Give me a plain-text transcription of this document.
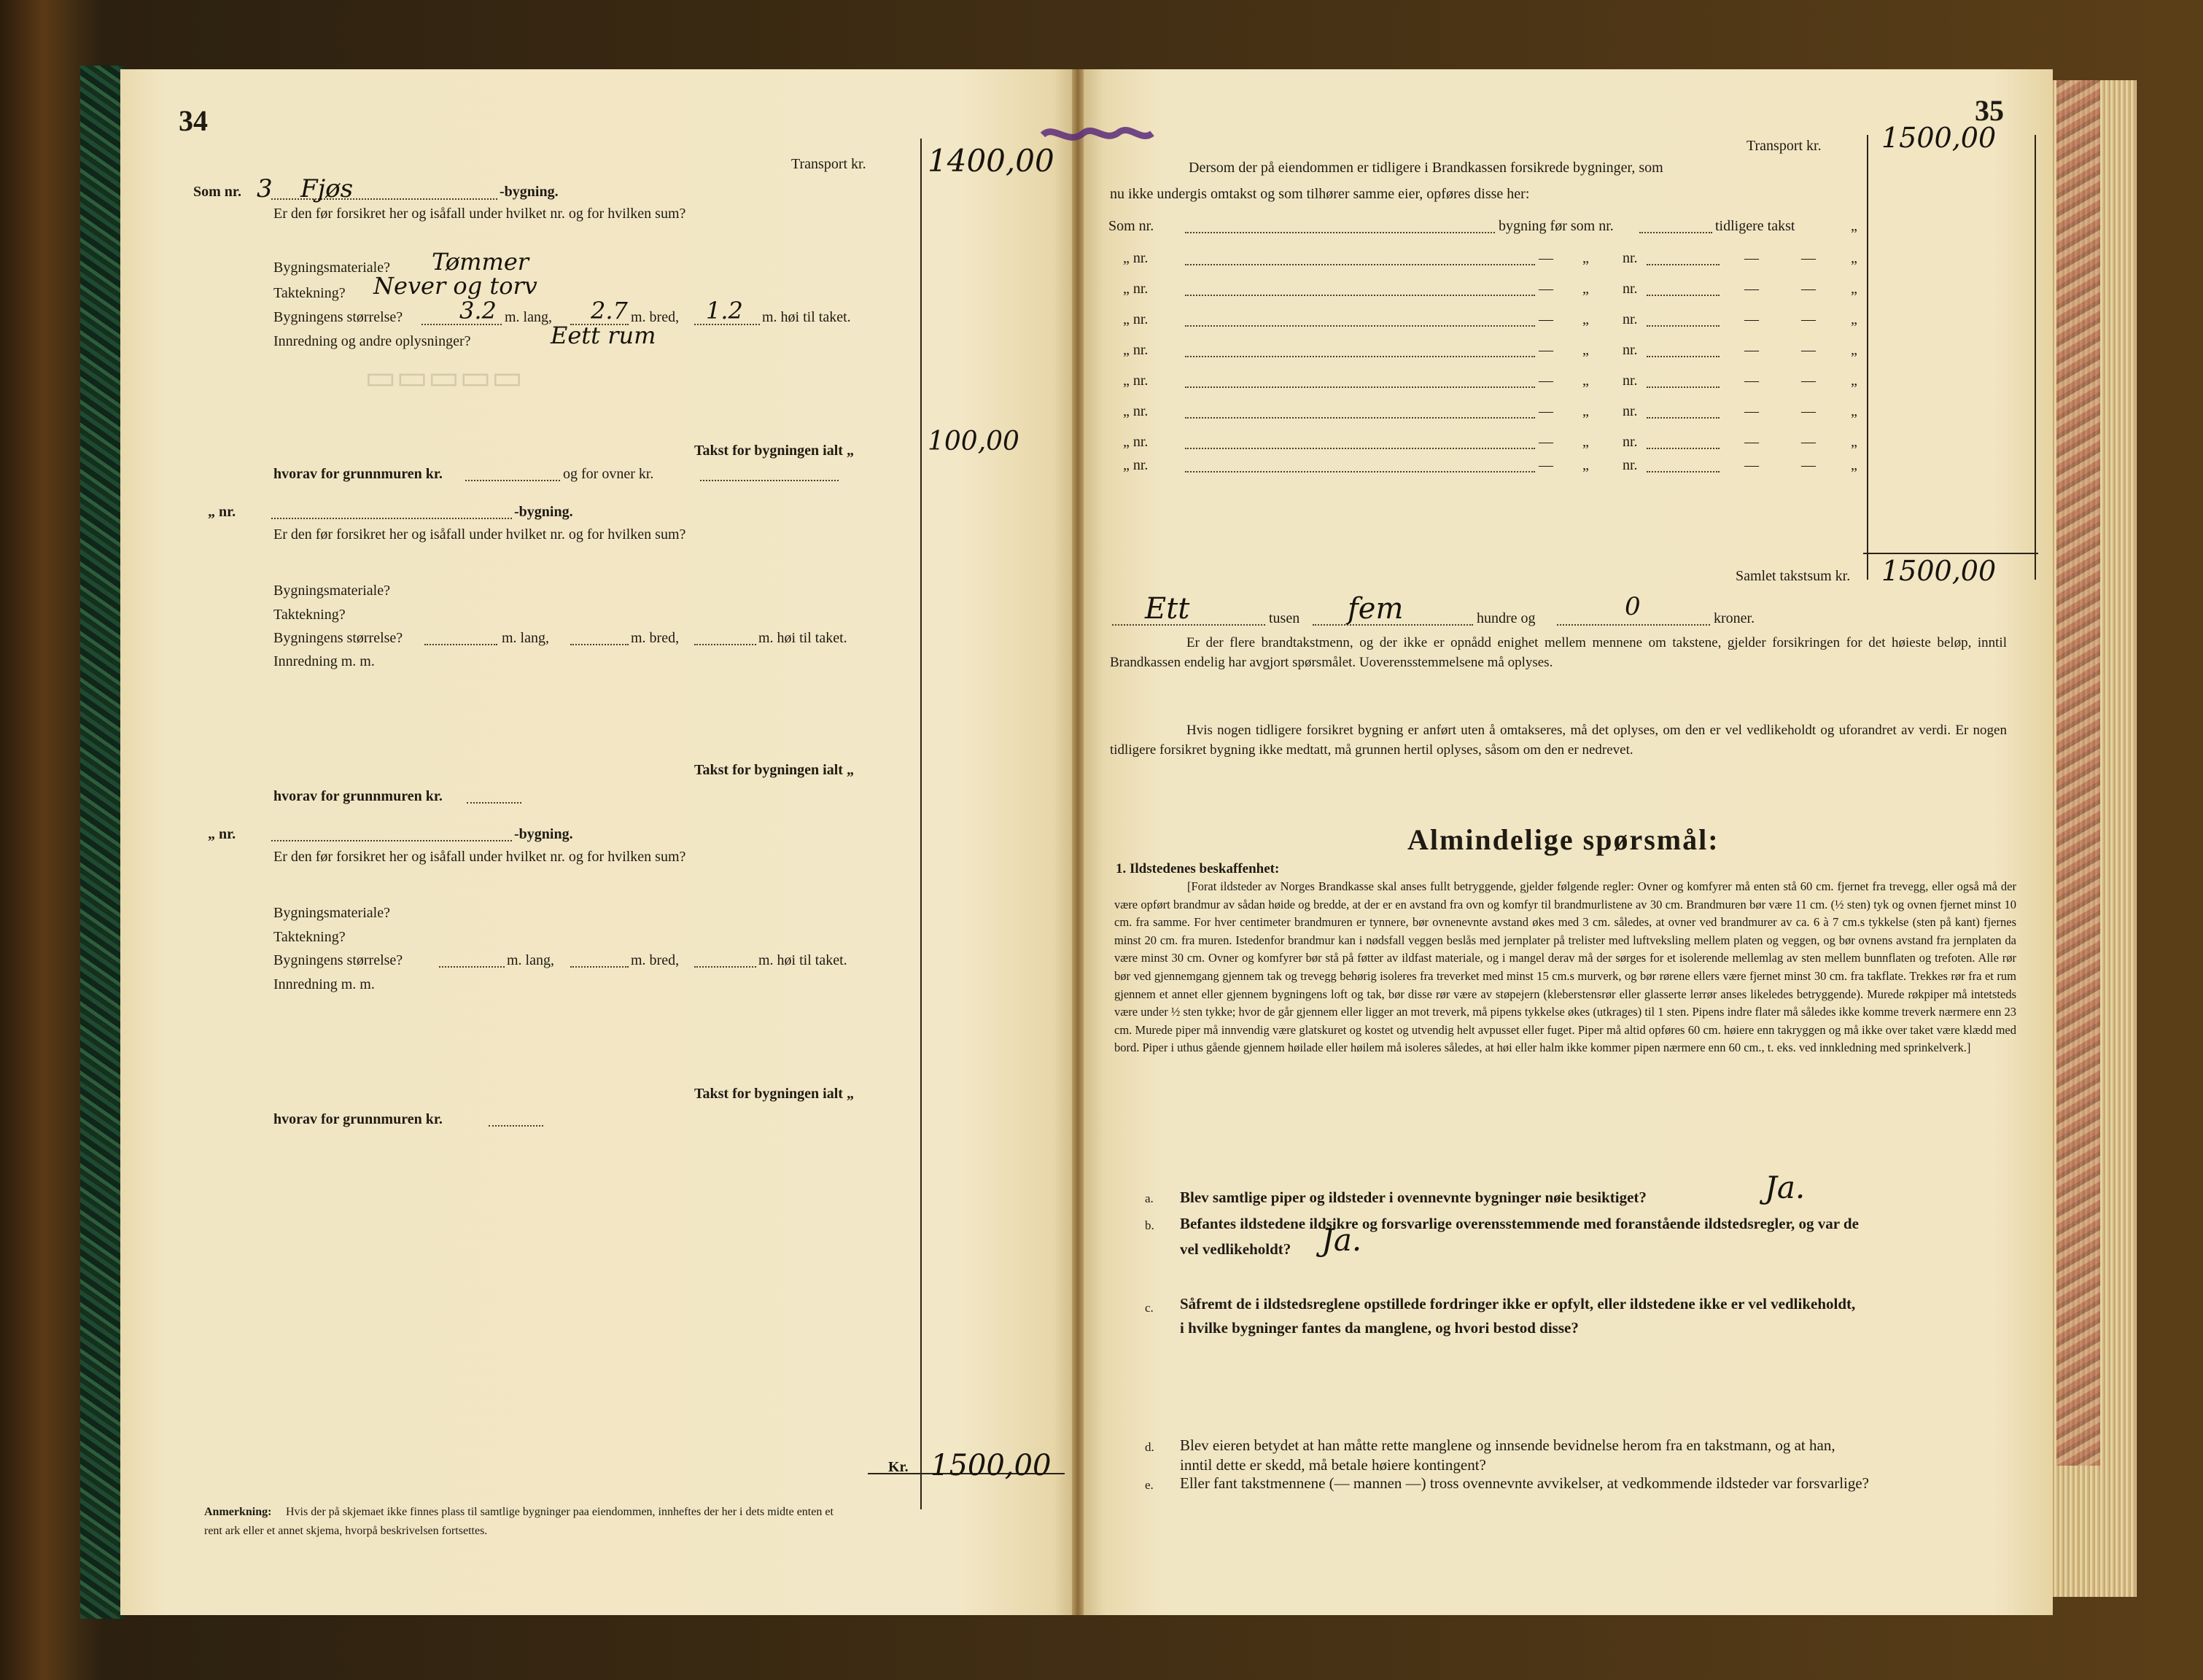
34
▭▭▭▭▭
Transport kr. 1400,00
Som nr. 3 Fjøs	-bygning.
Er den før forsikret her og isåfall under hvilket nr. og for hvilken sum?
Bygningsmateriale? Tømmer
Taktekning? Never og torv
Bygningens størrelse? 3.2 m. lang, 2.7 m. bred, 1.2 m. høi til taket.
Innredning og andre oplysninger?	Eett rum
Takst for bygningen ialt „	100,00
hvorav for grunnmuren kr.	og for ovner kr.
„ nr.	-bygning.
Er den før forsikret her og isåfall under hvilket nr. og for hvilken sum?
Bygningsmateriale?
Taktekning?
Bygningens størrelse?	m. lang,	m. bred,	m. høi til taket.
Innredning m. m.
Takst for bygningen ialt „
hvorav for grunnmuren kr.
„ nr.	-bygning.
Er den før forsikret her og isåfall under hvilket nr. og for hvilken sum?
Bygningsmateriale?
Taktekning?
Bygningens størrelse?	m. lang,	m. bred,	m. høi til taket.
Innredning m. m.
Takst for bygningen ialt „
hvorav for grunnmuren kr.
Kr. 1500,00
Anmerkning: Hvis der på skjemaet ikke finnes plass til samtlige bygninger paa eiendommen, innheftes der her i dets midte enten et
rent ark eller et annet skjema, hvorpå beskrivelsen fortsettes.
35
Transport kr. 1500,00
Dersom der på eiendommen er tidligere i Brandkassen forsikrede bygninger, som
nu ikke undergis omtakst og som tilhører samme eier, opføres disse her:
Som nr.	bygning før som nr.	tidligere takst	„
„ nr.	— „ nr.	—	— „
„ nr.	— „ nr.	—	— „
„ nr.	— „ nr.	—	— „
„ nr.	— „ nr.	—	— „
„ nr.	— „ nr.	—	— „
„ nr.	— „ nr.	—	— „
„ nr.	— „ nr.	—	— „
„ nr.	— „ nr.	—	— „
Samlet takstsum kr. 1500,00
Ett	tusen fem	hundre og	0	kroner.
Er der flere brandtakstmenn, og der ikke er opnådd enighet mellem mennene om takstene, gjelder forsikringen for det høieste beløp, inntil Brandkassen endelig har avgjort spørsmålet. Uoverensstemmelsene må oplyses.
Hvis nogen tidligere forsikret bygning er anført uten å omtakseres, må det oplyses, om den er vel vedlikeholdt og uforandret av verdi. Er nogen tidligere forsikret bygning ikke medtatt, må grunnen hertil oplyses, såsom om den er nedrevet.
Almindelige spørsmål:
1. Ildstedenes beskaffenhet:
[Forat ildsteder av Norges Brandkasse skal anses fullt betryggende, gjelder følgende regler: Ovner og komfyrer må enten stå 60 cm. fjernet fra trevegg, eller også må der være opført brandmur av sådan høide og bredde, at der er en avstand fra ovn og komfyr til brandmurlistene av 30 cm. Brandmuren bør være 11 cm. (½ sten) tyk og ovnen fjernet minst 10 cm. fra samme. For hver centimeter brandmuren er tynnere, bør ovnenevnte avstand økes med 3 cm. således, at ovner ved brandmurer av ca. 6 à 7 cm.s tykkelse (sten på kant) fjernes minst 20 cm. fra muren. Istedenfor brandmur kan i nødsfall veggen beslås med jernplater på trelister med luftveksling mellem platen og veggen, og bør ovnens avstand fra jernplaten da være minst 30 cm. Ovner og komfyrer bør stå på føtter av ildfast materiale, og i mangel derav må der sørges for et isolerende mellemlag av sten mellem bunnflaten og trefoten. Alle rør bør ved gjennemgang gjennem tak og trevegg behørig isoleres fra treverket med minst 15 cm.s murverk, og bør rørene ellers være fjernet minst 30 cm. fra takflate. Trekkes rør fra et rum gjennem et annet eller gjennem bygningens loft og tak, bør disse rør være av støpejern (kleberstensrør eller glasserte lerrør anses likeledes betryggende). Murede røkpiper må intetsteds være under ½ sten tykke; hvor de går gjennem eller ligger an mot treverk, må pipens tykkelse økes (utkrages) til 1 sten. Pipens indre flater må således ikke komme treverk nærmere enn 23 cm. Murede piper må innvendig være glatskuret og kostet og utvendig helt avpusset eller fuget. Piper må altid opføres 60 cm. høiere enn takryggen og må ikke over taket være klædd med bord. Piper i uthus gående gjennem høilade eller høilem må isoleres således, at høi eller halm ikke kommer pipen nærmere enn 60 cm., t. eks. ved innkledning med sprinkelverk.]
a. Blev samtlige piper og ildsteder i ovennevnte bygninger nøie besiktiget?	Ja.
b. Befantes ildstedene ildsikre og forsvarlige overensstemmende med foranstående ildstedsregler, og var de
vel vedlikeholdt? Ja.
c. Såfremt de i ildstedsreglene opstillede fordringer ikke er opfylt, eller ildstedene ikke er vel vedlikeholdt,
i hvilke bygninger fantes da manglene, og hvori bestod disse?
d. Blev eieren betydet at han måtte rette manglene og innsende bevidnelse herom fra en takstmann, og at han,
inntil dette er skedd, må betale høiere kontingent?
e. Eller fant takstmennene (— mannen —) tross ovennevnte avvikelser, at vedkommende ildsteder var forsvarlige?
